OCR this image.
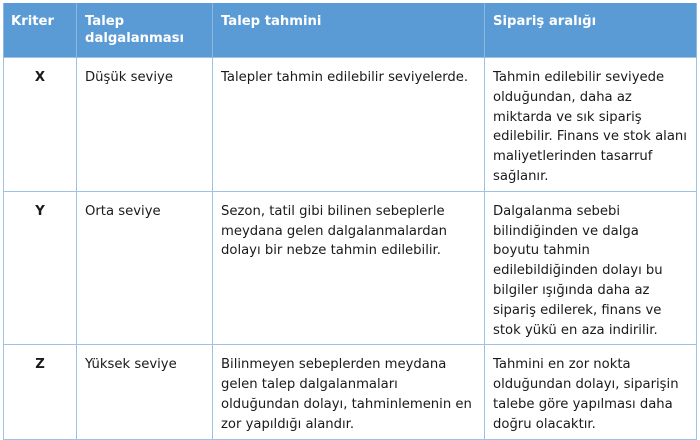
Kriter	Talep dalgalanması	Talep tahmini	Sipariş aralığı
X	Düşük seviye	Talepler tahmin edilebilir seviyelerde.	Tahmin edilebilir seviyede olduğundan, daha az miktarda ve sık sipariş edilebilir. Finans ve stok alanı maliyetlerinden tasarruf sağlanır.
Y	Orta seviye	Sezon, tatil gibi bilinen sebeplerle meydana gelen dalgalanmalardan dolayı bir nebze tahmin edilebilir.	Dalgalanma sebebi bilindiğinden ve dalga boyutu tahmin edilebildiğinden dolayı bu bilgiler ışığında daha az sipariş edilerek, finans ve stok yükü en aza indirilir.
Z	Yüksek seviye	Bilinmeyen sebeplerden meydana gelen talep dalgalanmaları olduğundan dolayı, tahminlemenin en zor yapıldığı alandır.	Tahmini en zor nokta olduğundan dolayı, siparişin talebe göre yapılması daha doğru olacaktır.
